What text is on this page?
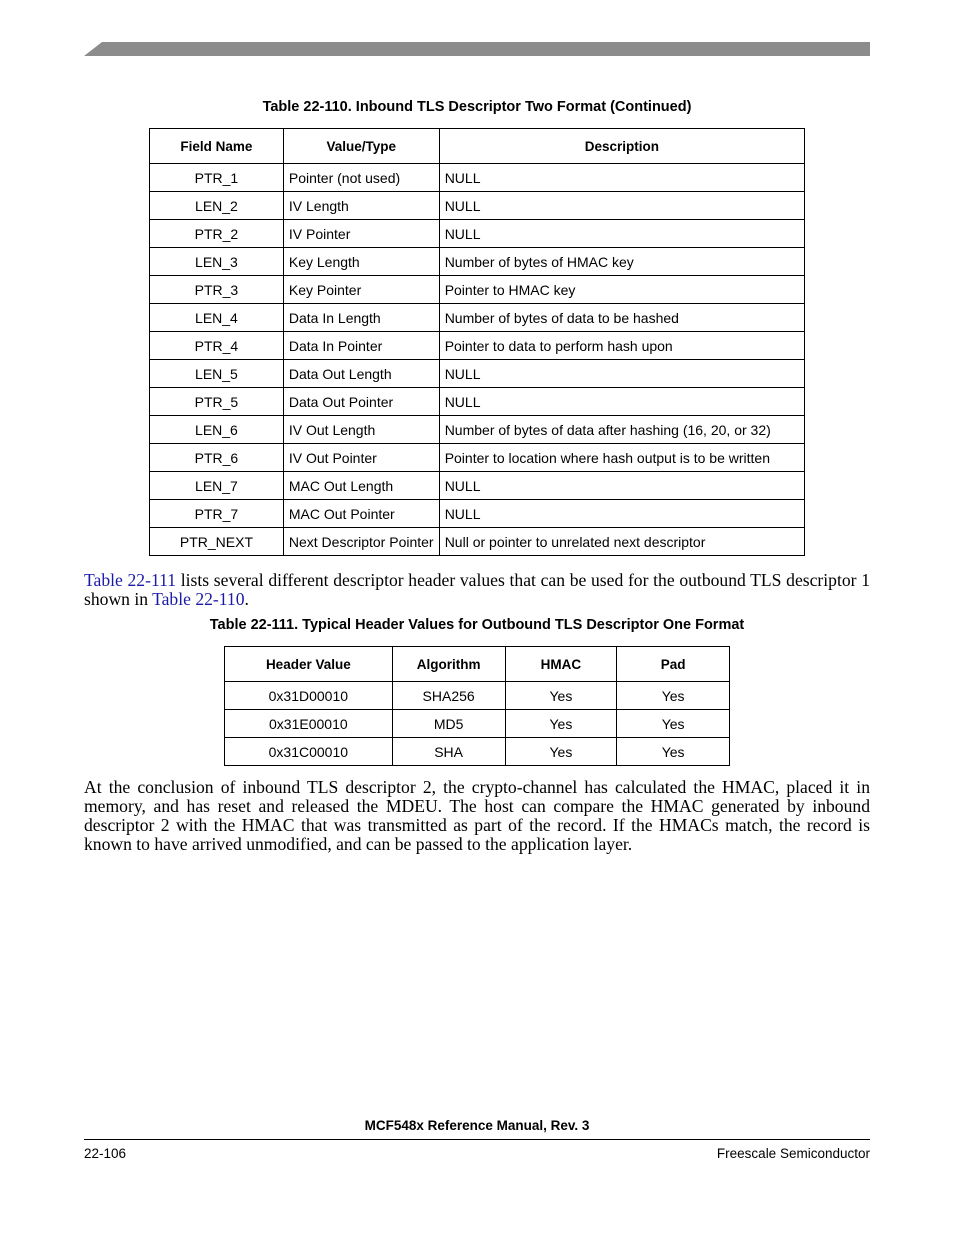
Table 22-110. Inbound TLS Descriptor Two Format (Continued)
Field Name	Value/Type	Description
PTR_1	Pointer (not used)	NULL
LEN_2	IV Length	NULL
PTR_2	IV Pointer	NULL
LEN_3	Key Length	Number of bytes of HMAC key
PTR_3	Key Pointer	Pointer to HMAC key
LEN_4	Data In Length	Number of bytes of data to be hashed
PTR_4	Data In Pointer	Pointer to data to perform hash upon
LEN_5	Data Out Length	NULL
PTR_5	Data Out Pointer	NULL
LEN_6	IV Out Length	Number of bytes of data after hashing (16, 20, or 32)
PTR_6	IV Out Pointer	Pointer to location where hash output is to be written
LEN_7	MAC Out Length	NULL
PTR_7	MAC Out Pointer	NULL
PTR_NEXT	Next Descriptor Pointer	Null or pointer to unrelated next descriptor
Table 22-111 lists several different descriptor header values that can be used for the outbound TLS descriptor 1 shown in Table 22-110.
Table 22-111. Typical Header Values for Outbound TLS Descriptor One Format
Header Value	Algorithm	HMAC	Pad
0x31D00010	SHA256	Yes	Yes
0x31E00010	MD5	Yes	Yes
0x31C00010	SHA	Yes	Yes
At the conclusion of inbound TLS descriptor 2, the crypto-channel has calculated the HMAC, placed it in memory, and has reset and released the MDEU. The host can compare the HMAC generated by inbound descriptor 2 with the HMAC that was transmitted as part of the record. If the HMACs match, the record is known to have arrived unmodified, and can be passed to the application layer.
MCF548x Reference Manual, Rev. 3
22-106	Freescale Semiconductor
